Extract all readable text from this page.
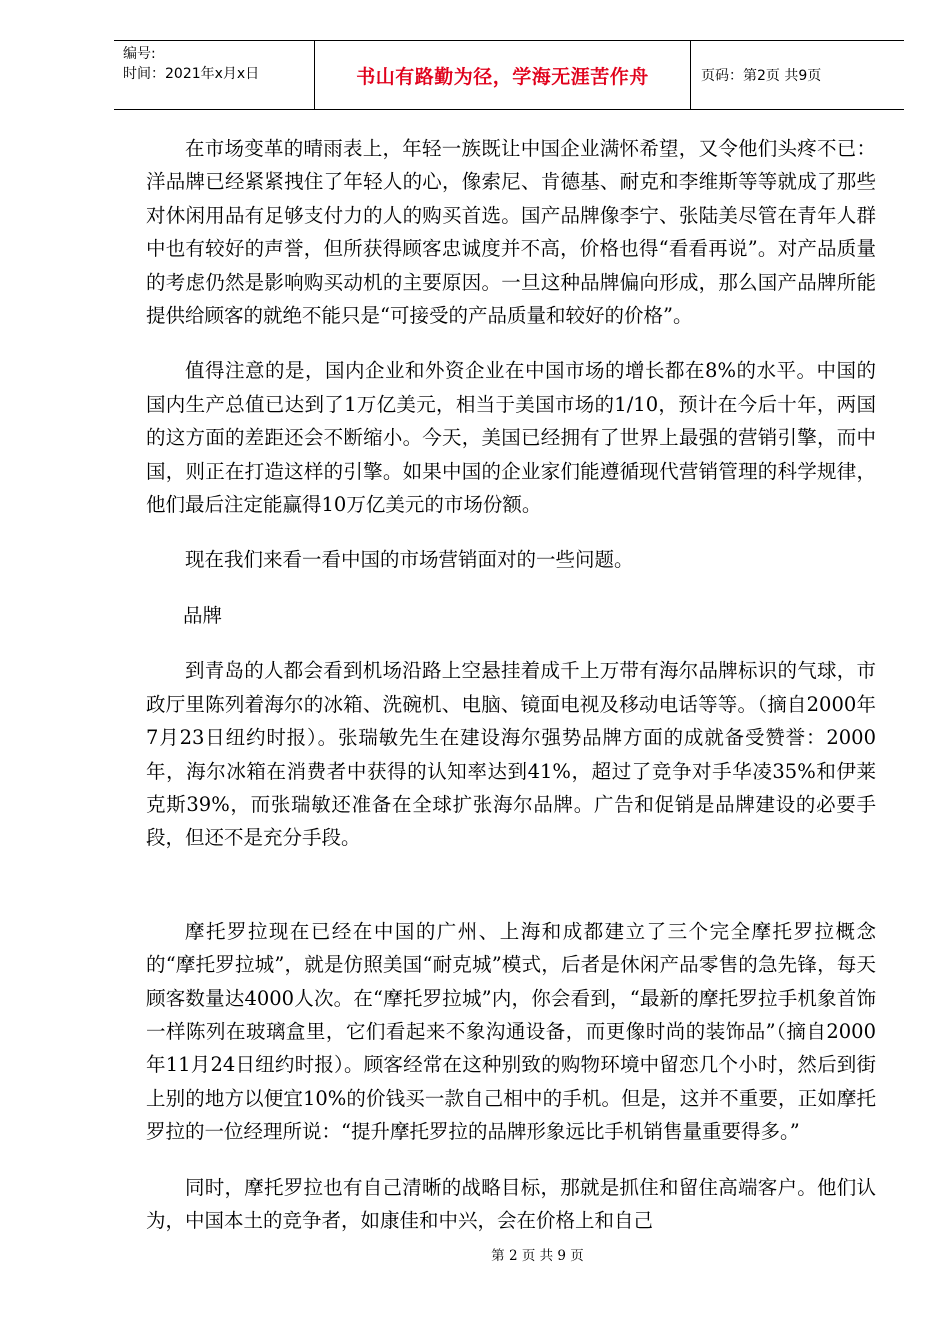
编号:
时间：2021年x月x日	书山有路勤为径，学海无涯苦作舟	页码：第2页 共9页

在市场变革的晴雨表上，年轻一族既让中国企业满怀希望，又令他们头疼不已：洋品牌已经紧紧拽住了年轻人的心，像索尼、肯德基、耐克和李维斯等等就成了那些对休闲用品有足够支付力的人的购买首选。国产品牌像李宁、张陆美尽管在青年人群中也有较好的声誉，但所获得顾客忠诚度并不高，价格也得“看看再说”。对产品质量的考虑仍然是影响购买动机的主要原因。一旦这种品牌偏向形成，那么国产品牌所能提供给顾客的就绝不能只是“可接受的产品质量和较好的价格”。

值得注意的是，国内企业和外资企业在中国市场的增长都在8%的水平。中国的国内生产总值已达到了1万亿美元，相当于美国市场的1/10，预计在今后十年，两国的这方面的差距还会不断缩小。今天，美国已经拥有了世界上最强的营销引擎，而中国，则正在打造这样的引擎。如果中国的企业家们能遵循现代营销管理的科学规律，他们最后注定能赢得10万亿美元的市场份额。

现在我们来看一看中国的市场营销面对的一些问题。

品牌

到青岛的人都会看到机场沿路上空悬挂着成千上万带有海尔品牌标识的气球，市政厅里陈列着海尔的冰箱、洗碗机、电脑、镜面电视及移动电话等等。（摘自2000年7月23日纽约时报）。张瑞敏先生在建设海尔强势品牌方面的成就备受赞誉：2000年，海尔冰箱在消费者中获得的认知率达到41%，超过了竞争对手华凌35%和伊莱克斯39%，而张瑞敏还准备在全球扩张海尔品牌。广告和促销是品牌建设的必要手段，但还不是充分手段。

摩托罗拉现在已经在中国的广州、上海和成都建立了三个完全摩托罗拉概念的“摩托罗拉城”，就是仿照美国“耐克城”模式，后者是休闲产品零售的急先锋，每天顾客数量达4000人次。在“摩托罗拉城”内，你会看到，“最新的摩托罗拉手机象首饰一样陈列在玻璃盒里，它们看起来不象沟通设备，而更像时尚的装饰品”（摘自2000年11月24日纽约时报）。顾客经常在这种别致的购物环境中留恋几个小时，然后到街上别的地方以便宜10%的价钱买一款自己相中的手机。但是，这并不重要，正如摩托罗拉的一位经理所说：“提升摩托罗拉的品牌形象远比手机销售量重要得多。”

同时，摩托罗拉也有自己清晰的战略目标，那就是抓住和留住高端客户。他们认为，中国本土的竞争者，如康佳和中兴，会在价格上和自己

第 2 页 共 9 页
